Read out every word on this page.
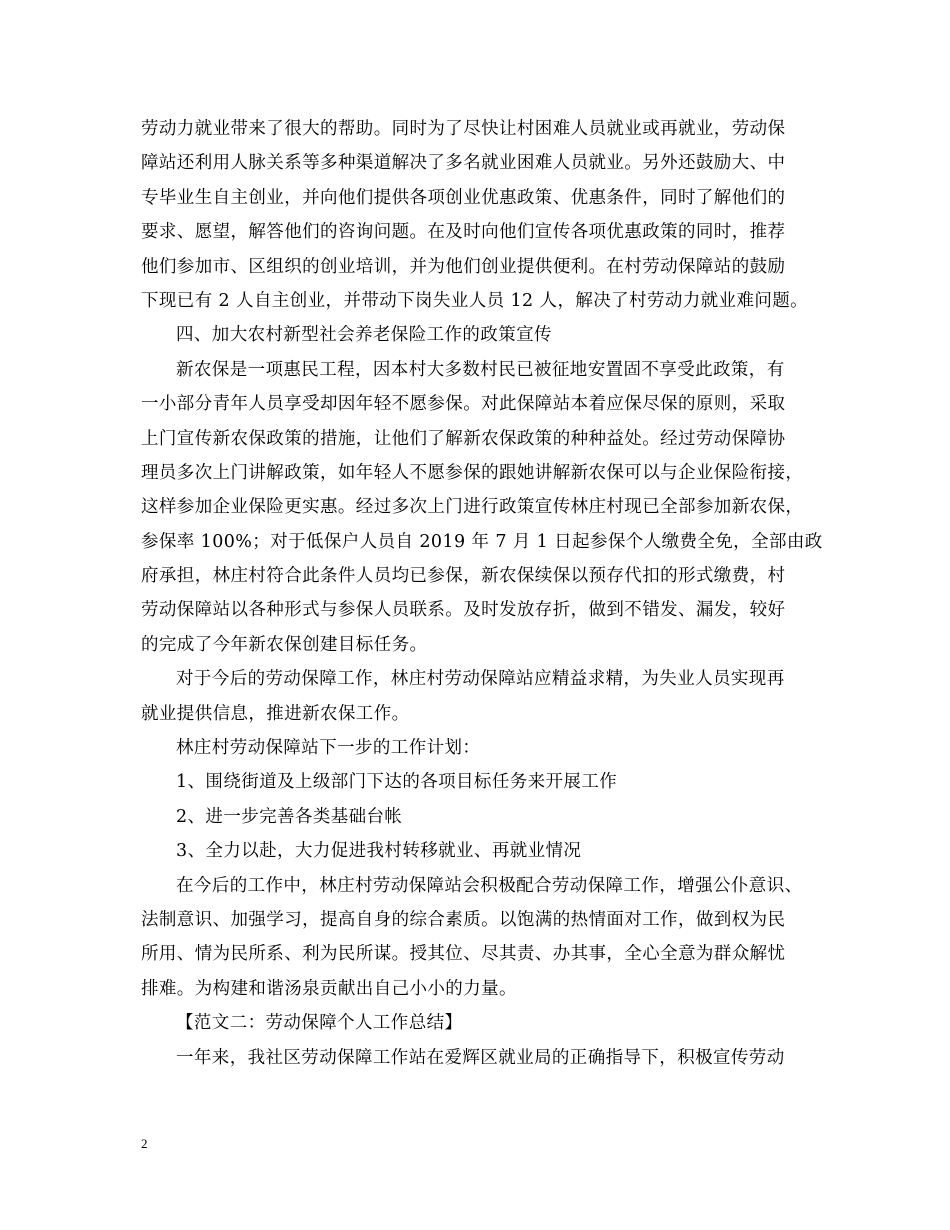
劳动力就业带来了很大的帮助。同时为了尽快让村困难人员就业或再就业，劳动保
障站还利用人脉关系等多种渠道解决了多名就业困难人员就业。另外还鼓励大、中
专毕业生自主创业，并向他们提供各项创业优惠政策、优惠条件，同时了解他们的
要求、愿望，解答他们的咨询问题。在及时向他们宣传各项优惠政策的同时，推荐
他们参加市、区组织的创业培训，并为他们创业提供便利。在村劳动保障站的鼓励
下现已有 2 人自主创业，并带动下岗失业人员 12 人，解决了村劳动力就业难问题。
四、加大农村新型社会养老保险工作的政策宣传
新农保是一项惠民工程，因本村大多数村民已被征地安置固不享受此政策，有
一小部分青年人员享受却因年轻不愿参保。对此保障站本着应保尽保的原则，采取
上门宣传新农保政策的措施，让他们了解新农保政策的种种益处。经过劳动保障协
理员多次上门讲解政策，如年轻人不愿参保的跟她讲解新农保可以与企业保险衔接，
这样参加企业保险更实惠。经过多次上门进行政策宣传林庄村现已全部参加新农保，
参保率 100%；对于低保户人员自 2019 年 7 月 1 日起参保个人缴费全免，全部由政
府承担，林庄村符合此条件人员均已参保，新农保续保以预存代扣的形式缴费，村
劳动保障站以各种形式与参保人员联系。及时发放存折，做到不错发、漏发，较好
的完成了今年新农保创建目标任务。
对于今后的劳动保障工作，林庄村劳动保障站应精益求精，为失业人员实现再
就业提供信息，推进新农保工作。
林庄村劳动保障站下一步的工作计划：
1、围绕街道及上级部门下达的各项目标任务来开展工作
2、进一步完善各类基础台帐
3、全力以赴，大力促进我村转移就业、再就业情况
在今后的工作中，林庄村劳动保障站会积极配合劳动保障工作，增强公仆意识、
法制意识、加强学习，提高自身的综合素质。以饱满的热情面对工作，做到权为民
所用、情为民所系、利为民所谋。授其位、尽其责、办其事，全心全意为群众解忧
排难。为构建和谐汤泉贡献出自己小小的力量。
【范文二：劳动保障个人工作总结】
一年来，我社区劳动保障工作站在爱辉区就业局的正确指导下，积极宣传劳动
2
